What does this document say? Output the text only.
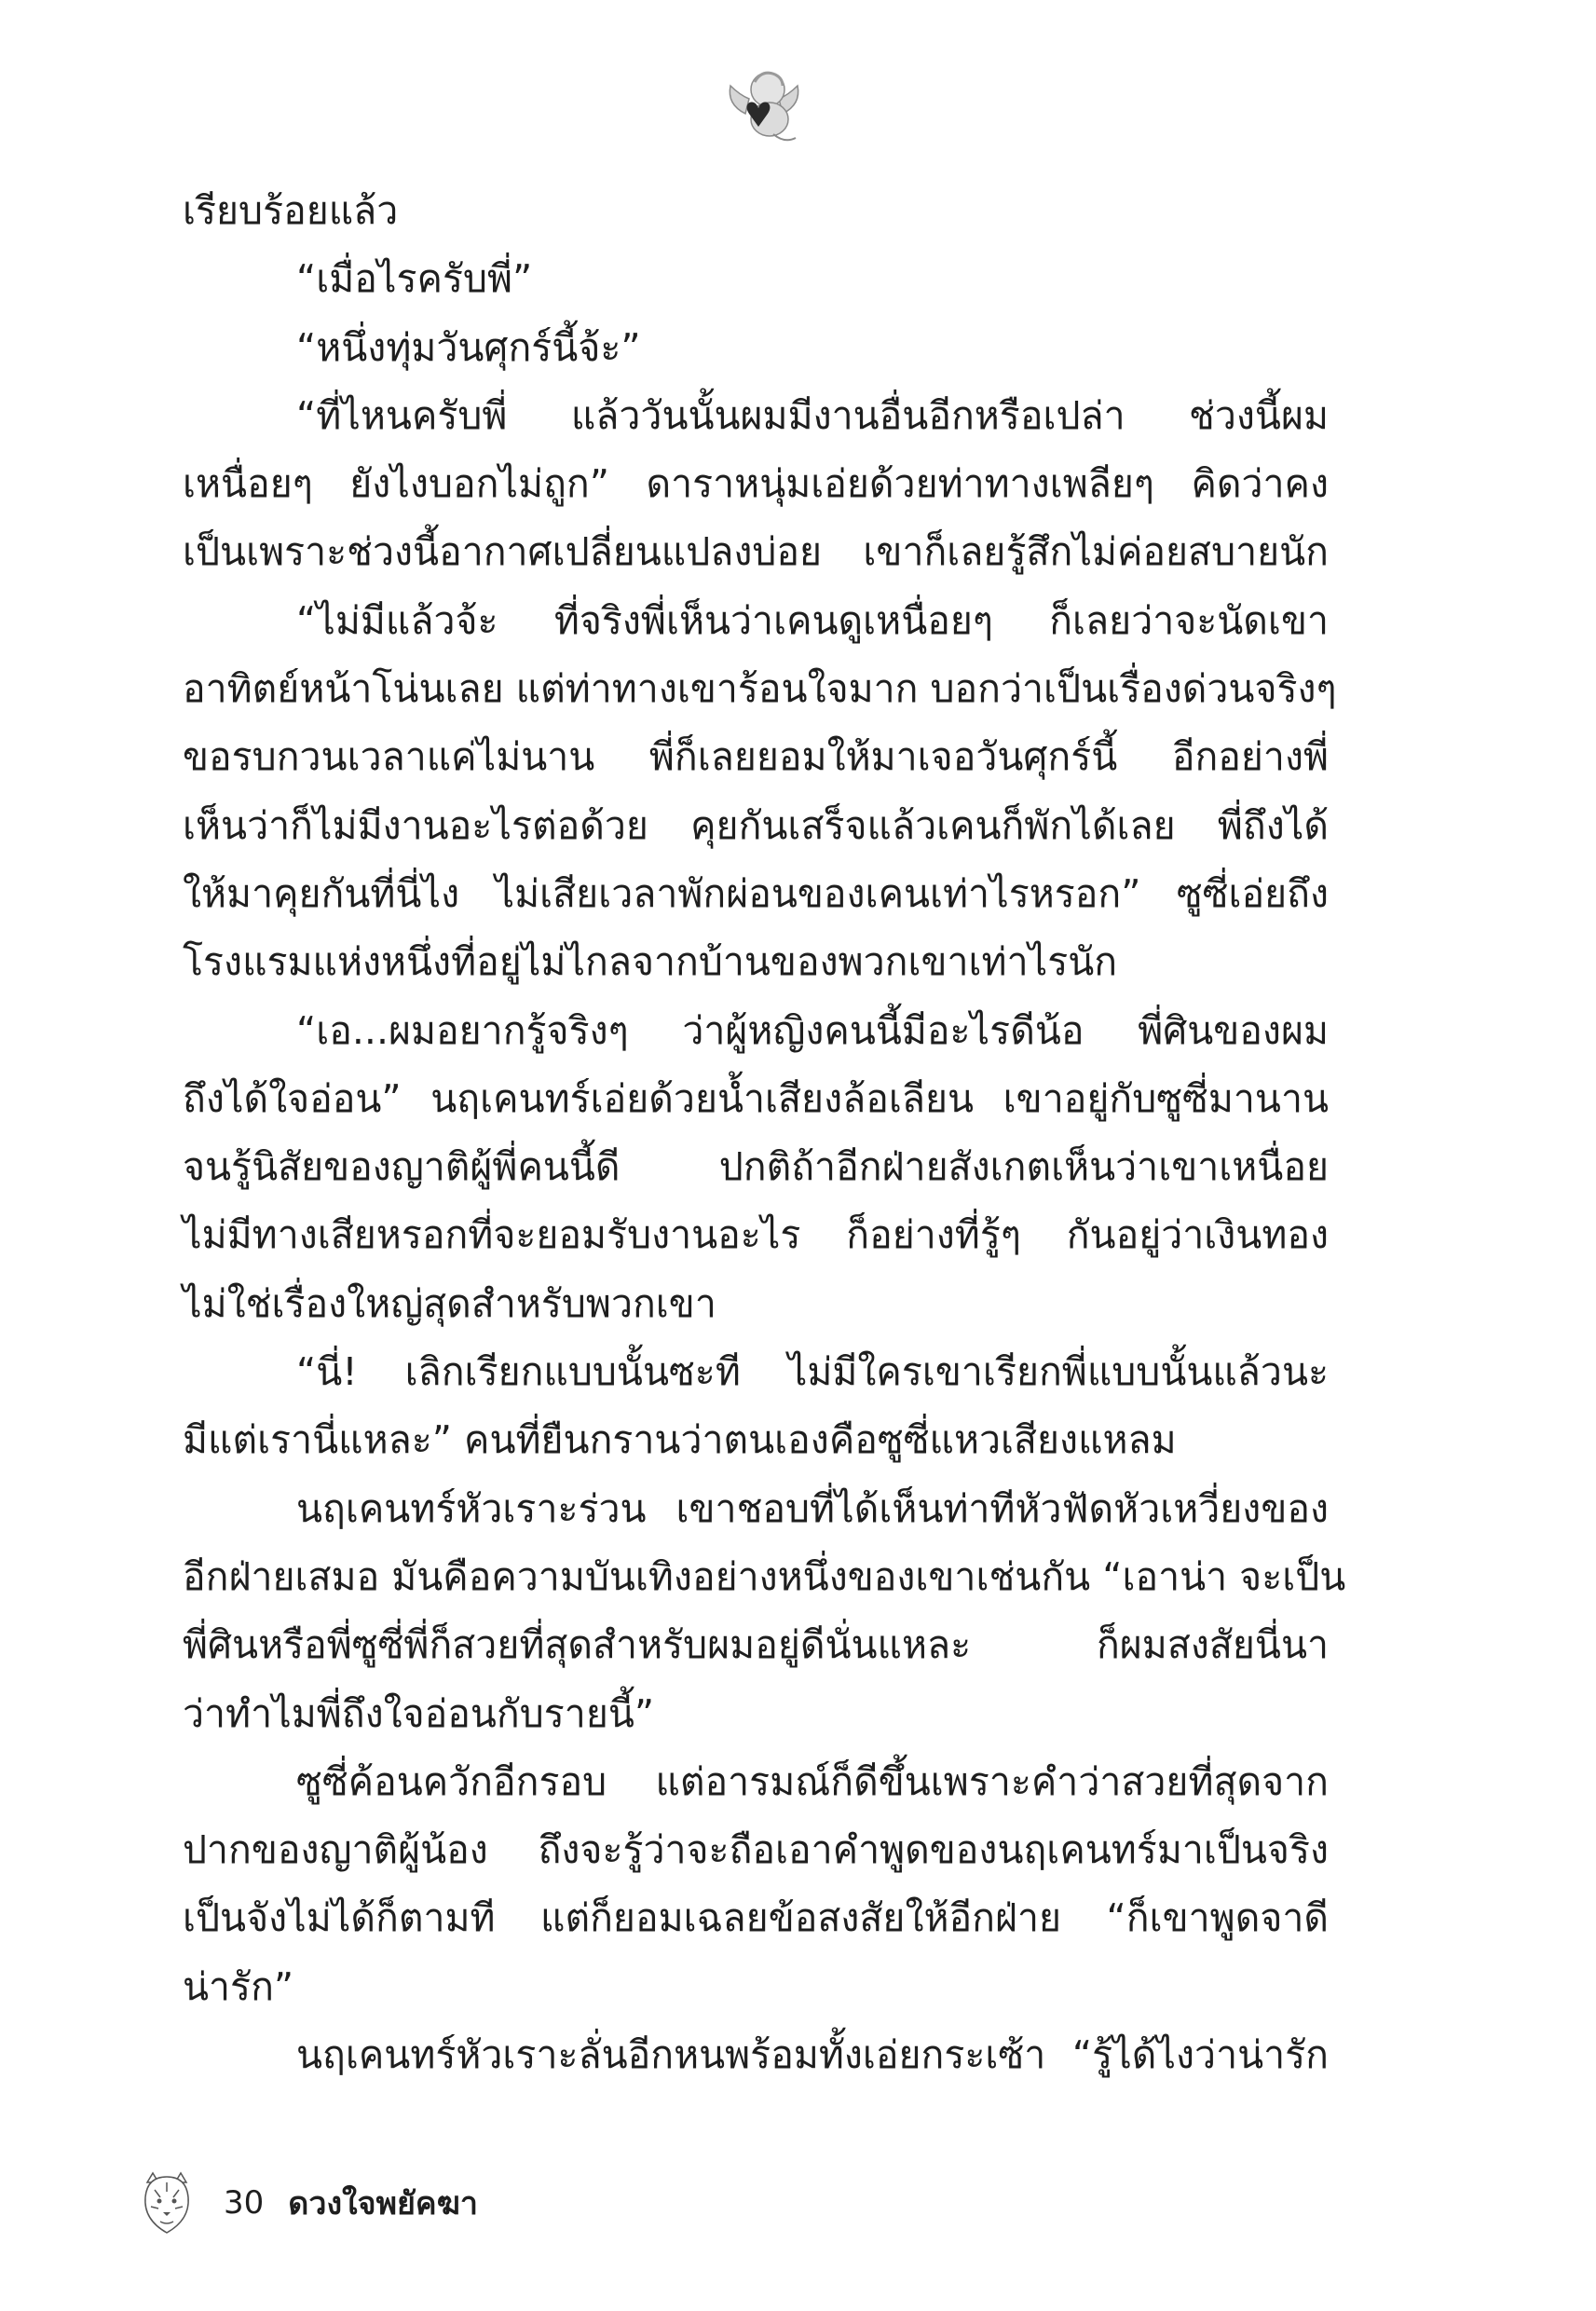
เรียบร้อยแล้ว
“เมื่อไรครับพี่”
“หนึ่งทุ่มวันศุกร์นี้จ้ะ”
“ที่ไหนครับพี่ แล้ววันนั้นผมมีงานอื่นอีกหรือเปล่า ช่วงนี้ผม
เหนื่อยๆ ยังไงบอกไม่ถูก” ดาราหนุ่มเอ่ยด้วยท่าทางเพลียๆ คิดว่าคง
เป็นเพราะช่วงนี้อากาศเปลี่ยนแปลงบ่อย เขาก็เลยรู้สึกไม่ค่อยสบายนัก
“ไม่มีแล้วจ้ะ ที่จริงพี่เห็นว่าเคนดูเหนื่อยๆ ก็เลยว่าจะนัดเขา
อาทิตย์หน้าโน่นเลย แต่ท่าทางเขาร้อนใจมาก บอกว่าเป็นเรื่องด่วนจริงๆ
ขอรบกวนเวลาแค่ไม่นาน พี่ก็เลยยอมให้มาเจอวันศุกร์นี้ อีกอย่างพี่
เห็นว่าก็ไม่มีงานอะไรต่อด้วย คุยกันเสร็จแล้วเคนก็พักได้เลย พี่ถึงได้
ให้มาคุยกันที่นี่ไง ไม่เสียเวลาพักผ่อนของเคนเท่าไรหรอก” ซูซี่เอ่ยถึง
โรงแรมแห่งหนึ่งที่อยู่ไม่ไกลจากบ้านของพวกเขาเท่าไรนัก
“เอ...ผมอยากรู้จริงๆ ว่าผู้หญิงคนนี้มีอะไรดีน้อ พี่ศินของผม
ถึงได้ใจอ่อน” นฤเคนทร์เอ่ยด้วยน้ำเสียงล้อเลียน เขาอยู่กับซูซี่มานาน
จนรู้นิสัยของญาติผู้พี่คนนี้ดี ปกติถ้าอีกฝ่ายสังเกตเห็นว่าเขาเหนื่อย
ไม่มีทางเสียหรอกที่จะยอมรับงานอะไร ก็อย่างที่รู้ๆ กันอยู่ว่าเงินทอง
ไม่ใช่เรื่องใหญ่สุดสำหรับพวกเขา
“นี่! เลิกเรียกแบบนั้นซะที ไม่มีใครเขาเรียกพี่แบบนั้นแล้วนะ
มีแต่เรานี่แหละ” คนที่ยืนกรานว่าตนเองคือซูซี่แหวเสียงแหลม
นฤเคนทร์หัวเราะร่วน เขาชอบที่ได้เห็นท่าทีหัวฟัดหัวเหวี่ยงของ
อีกฝ่ายเสมอ มันคือความบันเทิงอย่างหนึ่งของเขาเช่นกัน “เอาน่า จะเป็น
พี่ศินหรือพี่ซูซี่พี่ก็สวยที่สุดสำหรับผมอยู่ดีนั่นแหละ ก็ผมสงสัยนี่นา
ว่าทำไมพี่ถึงใจอ่อนกับรายนี้”
ซูซี่ค้อนควักอีกรอบ แต่อารมณ์ก็ดีขึ้นเพราะคำว่าสวยที่สุดจาก
ปากของญาติผู้น้อง ถึงจะรู้ว่าจะถือเอาคำพูดของนฤเคนทร์มาเป็นจริง
เป็นจังไม่ได้ก็ตามที แต่ก็ยอมเฉลยข้อสงสัยให้อีกฝ่าย “ก็เขาพูดจาดี
น่ารัก”
นฤเคนทร์หัวเราะลั่นอีกหนพร้อมทั้งเอ่ยกระเซ้า “รู้ได้ไงว่าน่ารัก
30 ดวงใจพยัคฆา
